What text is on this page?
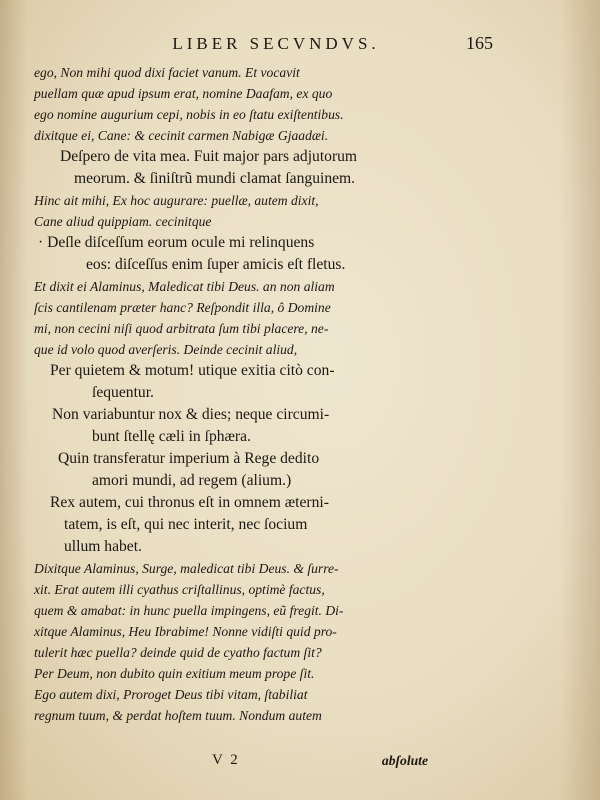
LIBER SECVNDVS.	165
ego, Non mihi quod dixi faciet vanum. Et vocavit
puellam quæ apud ipsum erat, nomine Daafam, ex quo
ego nomine augurium cepi, nobis in eo ſtatu exiſtentibus.
dixitque ei, Cane: & cecinit carmen Nabigæ Gjaadæi.
Deſpero de vita mea. Fuit major pars adjutorum
meorum. & ſiniſtrũ mundi clamat ſanguinem.
Hinc ait mihi, Ex hoc augurare: puellæ, autem dixit,
Cane aliud quippiam. cecinitque
· Deſle diſceſſum eorum ocule mi relinquens
eos: diſceſſus enim ſuper amicis eſt fletus.
Et dixit ei Alaminus, Maledicat tibi Deus. an non aliam
ſcis cantilenam præter hanc? Reſpondit illa, ô Domine
mi, non cecini niſi quod arbitrata ſum tibi placere, ne-
que id volo quod averſeris. Deinde cecinit aliud,
Per quietem & motum! utique exitia citò con-
ſequentur.
Non variabuntur nox & dies; neque circumi-
bunt ſtellę cæli in ſphæra.
Quin transferatur imperium à Rege dedito
amori mundi, ad regem (alium.)
Rex autem, cui thronus eſt in omnem æterni-
tatem, is eſt, qui nec interit, nec ſocium
ullum habet.
Dixitque Alaminus, Surge, maledicat tibi Deus. & ſurre-
xit. Erat autem illi cyathus criſtallinus, optimè factus,
quem & amabat: in hunc puella impingens, eũ fregit. Di-
xitque Alaminus, Heu Ibrabime! Nonne vidiſti quid pro-
tulerit hæc puella? deinde quid de cyatho factum ſit?
Per Deum, non dubito quin exitium meum prope ſit.
Ego autem dixi, Proroget Deus tibi vitam, ſtabiliat
regnum tuum, & perdat hoſtem tuum. Nondum autem
V 2	abſolute
